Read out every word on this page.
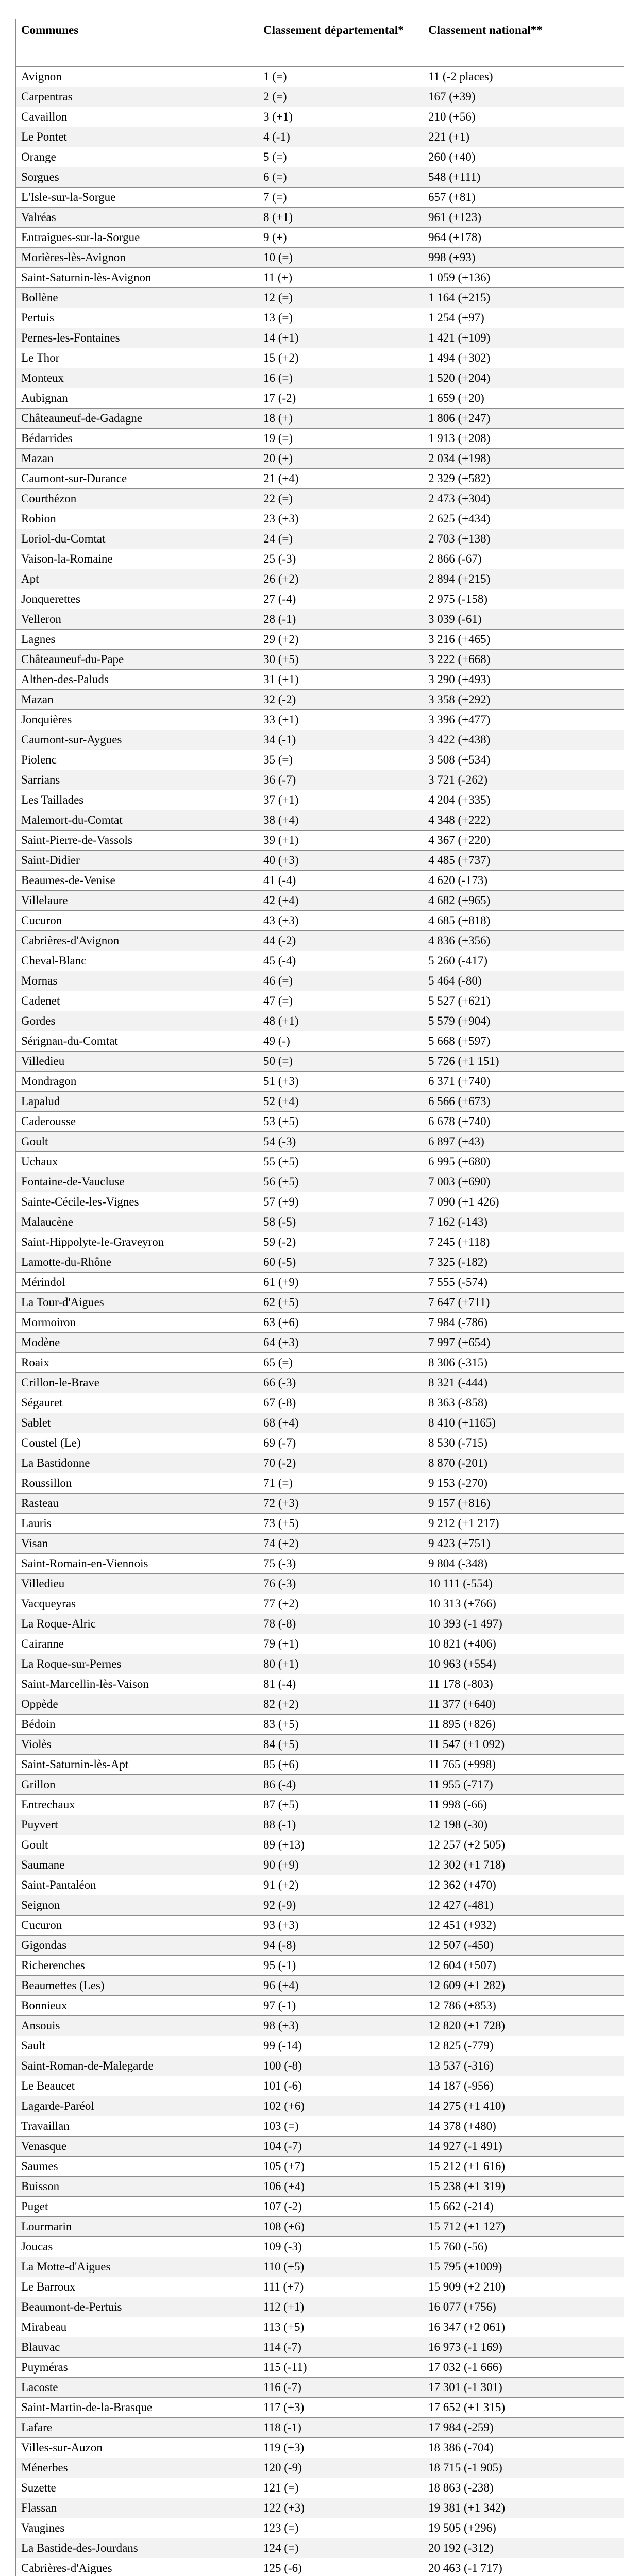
Communes	Classement départemental*	Classement national**
Avignon	1 (=)	11 (-2 places)
Carpentras	2 (=)	167 (+39)
Cavaillon	3 (+1)	210 (+56)
Le Pontet	4 (-1)	221 (+1)
Orange	5 (=)	260 (+40)
Sorgues	6 (=)	548 (+111)
L'Isle-sur-la-Sorgue	7 (=)	657 (+81)
Valréas	8 (+1)	961 (+123)
Entraigues-sur-la-Sorgue	9 (+)	964 (+178)
Morières-lès-Avignon	10 (=)	998 (+93)
Saint-Saturnin-lès-Avignon	11 (+)	1 059 (+136)
Bollène	12 (=)	1 164 (+215)
Pertuis	13 (=)	1 254 (+97)
Pernes-les-Fontaines	14 (+1)	1 421 (+109)
Le Thor	15 (+2)	1 494 (+302)
Monteux	16 (=)	1 520 (+204)
Aubignan	17 (-2)	1 659 (+20)
Châteauneuf-de-Gadagne	18 (+)	1 806 (+247)
Bédarrides	19 (=)	1 913 (+208)
Mazan	20 (+)	2 034 (+198)
Caumont-sur-Durance	21 (+4)	2 329 (+582)
Courthézon	22 (=)	2 473 (+304)
Robion	23 (+3)	2 625 (+434)
Loriol-du-Comtat	24 (=)	2 703 (+138)
Vaison-la-Romaine	25 (-3)	2 866 (-67)
Apt	26 (+2)	2 894 (+215)
Jonquerettes	27 (-4)	2 975 (-158)
Velleron	28 (-1)	3 039 (-61)
Lagnes	29 (+2)	3 216 (+465)
Châteauneuf-du-Pape	30 (+5)	3 222 (+668)
Althen-des-Paluds	31 (+1)	3 290 (+493)
Mazan	32 (-2)	3 358 (+292)
Jonquières	33 (+1)	3 396 (+477)
Caumont-sur-Aygues	34 (-1)	3 422 (+438)
Piolenc	35 (=)	3 508 (+534)
Sarrians	36 (-7)	3 721 (-262)
Les Taillades	37 (+1)	4 204 (+335)
Malemort-du-Comtat	38 (+4)	4 348 (+222)
Saint-Pierre-de-Vassols	39 (+1)	4 367 (+220)
Saint-Didier	40 (+3)	4 485 (+737)
Beaumes-de-Venise	41 (-4)	4 620 (-173)
Villelaure	42 (+4)	4 682 (+965)
Cucuron	43 (+3)	4 685 (+818)
Cabrières-d'Avignon	44 (-2)	4 836 (+356)
Cheval-Blanc	45 (-4)	5 260 (-417)
Mornas	46 (=)	5 464 (-80)
Cadenet	47 (=)	5 527 (+621)
Gordes	48 (+1)	5 579 (+904)
Sérignan-du-Comtat	49 (-)	5 668 (+597)
Villedieu	50 (=)	5 726 (+1 151)
Mondragon	51 (+3)	6 371 (+740)
Lapalud	52 (+4)	6 566 (+673)
Caderousse	53 (+5)	6 678 (+740)
Goult	54 (-3)	6 897 (+43)
Uchaux	55 (+5)	6 995 (+680)
Fontaine-de-Vaucluse	56 (+5)	7 003 (+690)
Sainte-Cécile-les-Vignes	57 (+9)	7 090 (+1 426)
Malaucène	58 (-5)	7 162 (-143)
Saint-Hippolyte-le-Graveyron	59 (-2)	7 245 (+118)
Lamotte-du-Rhône	60 (-5)	7 325 (-182)
Mérindol	61 (+9)	7 555 (-574)
La Tour-d'Aigues	62 (+5)	7 647 (+711)
Mormoiron	63 (+6)	7 984 (-786)
Modène	64 (+3)	7 997 (+654)
Roaix	65 (=)	8 306 (-315)
Crillon-le-Brave	66 (-3)	8 321 (-444)
Ségauret	67 (-8)	8 363 (-858)
Sablet	68 (+4)	8 410 (+1165)
Coustel (Le)	69 (-7)	8 530 (-715)
La Bastidonne	70 (-2)	8 870 (-201)
Roussillon	71 (=)	9 153 (-270)
Rasteau	72 (+3)	9 157 (+816)
Lauris	73 (+5)	9 212 (+1 217)
Visan	74 (+2)	9 423 (+751)
Saint-Romain-en-Viennois	75 (-3)	9 804 (-348)
Villedieu	76 (-3)	10 111 (-554)
Vacqueyras	77 (+2)	10 313 (+766)
La Roque-Alric	78 (-8)	10 393 (-1 497)
Cairanne	79 (+1)	10 821 (+406)
La Roque-sur-Pernes	80 (+1)	10 963 (+554)
Saint-Marcellin-lès-Vaison	81 (-4)	11 178 (-803)
Oppède	82 (+2)	11 377 (+640)
Bédoin	83 (+5)	11 895 (+826)
Violès	84 (+5)	11 547 (+1 092)
Saint-Saturnin-lès-Apt	85 (+6)	11 765 (+998)
Grillon	86 (-4)	11 955 (-717)
Entrechaux	87 (+5)	11 998 (-66)
Puyvert	88 (-1)	12 198 (-30)
Goult	89 (+13)	12 257 (+2 505)
Saumane	90 (+9)	12 302 (+1 718)
Saint-Pantaléon	91 (+2)	12 362 (+470)
Seignon	92 (-9)	12 427 (-481)
Cucuron	93 (+3)	12 451 (+932)
Gigondas	94 (-8)	12 507 (-450)
Richerenches	95 (-1)	12 604 (+507)
Beaumettes (Les)	96 (+4)	12 609 (+1 282)
Bonnieux	97 (-1)	12 786 (+853)
Ansouis	98 (+3)	12 820 (+1 728)
Sault	99 (-14)	12 825 (-779)
Saint-Roman-de-Malegarde	100 (-8)	13 537 (-316)
Le Beaucet	101 (-6)	14 187 (-956)
Lagarde-Paréol	102 (+6)	14 275 (+1 410)
Travaillan	103 (=)	14 378 (+480)
Venasque	104 (-7)	14 927 (-1 491)
Saumes	105 (+7)	15 212 (+1 616)
Buisson	106 (+4)	15 238 (+1 319)
Puget	107 (-2)	15 662 (-214)
Lourmarin	108 (+6)	15 712 (+1 127)
Joucas	109 (-3)	15 760 (-56)
La Motte-d'Aigues	110 (+5)	15 795 (+1009)
Le Barroux	111 (+7)	15 909 (+2 210)
Beaumont-de-Pertuis	112 (+1)	16 077 (+756)
Mirabeau	113 (+5)	16 347 (+2 061)
Blauvac	114 (-7)	16 973 (-1 169)
Puyméras	115 (-11)	17 032 (-1 666)
Lacoste	116 (-7)	17 301 (-1 301)
Saint-Martin-de-la-Brasque	117 (+3)	17 652 (+1 315)
Lafare	118 (-1)	17 984 (-259)
Villes-sur-Auzon	119 (+3)	18 386 (-704)
Ménerbes	120 (-9)	18 715 (-1 905)
Suzette	121 (=)	18 863 (-238)
Flassan	122 (+3)	19 381 (+1 342)
Vaugines	123 (=)	19 505 (+296)
La Bastide-des-Jourdans	124 (=)	20 192 (-312)
Cabrières-d'Aigues	125 (-6)	20 463 (-1 717)
